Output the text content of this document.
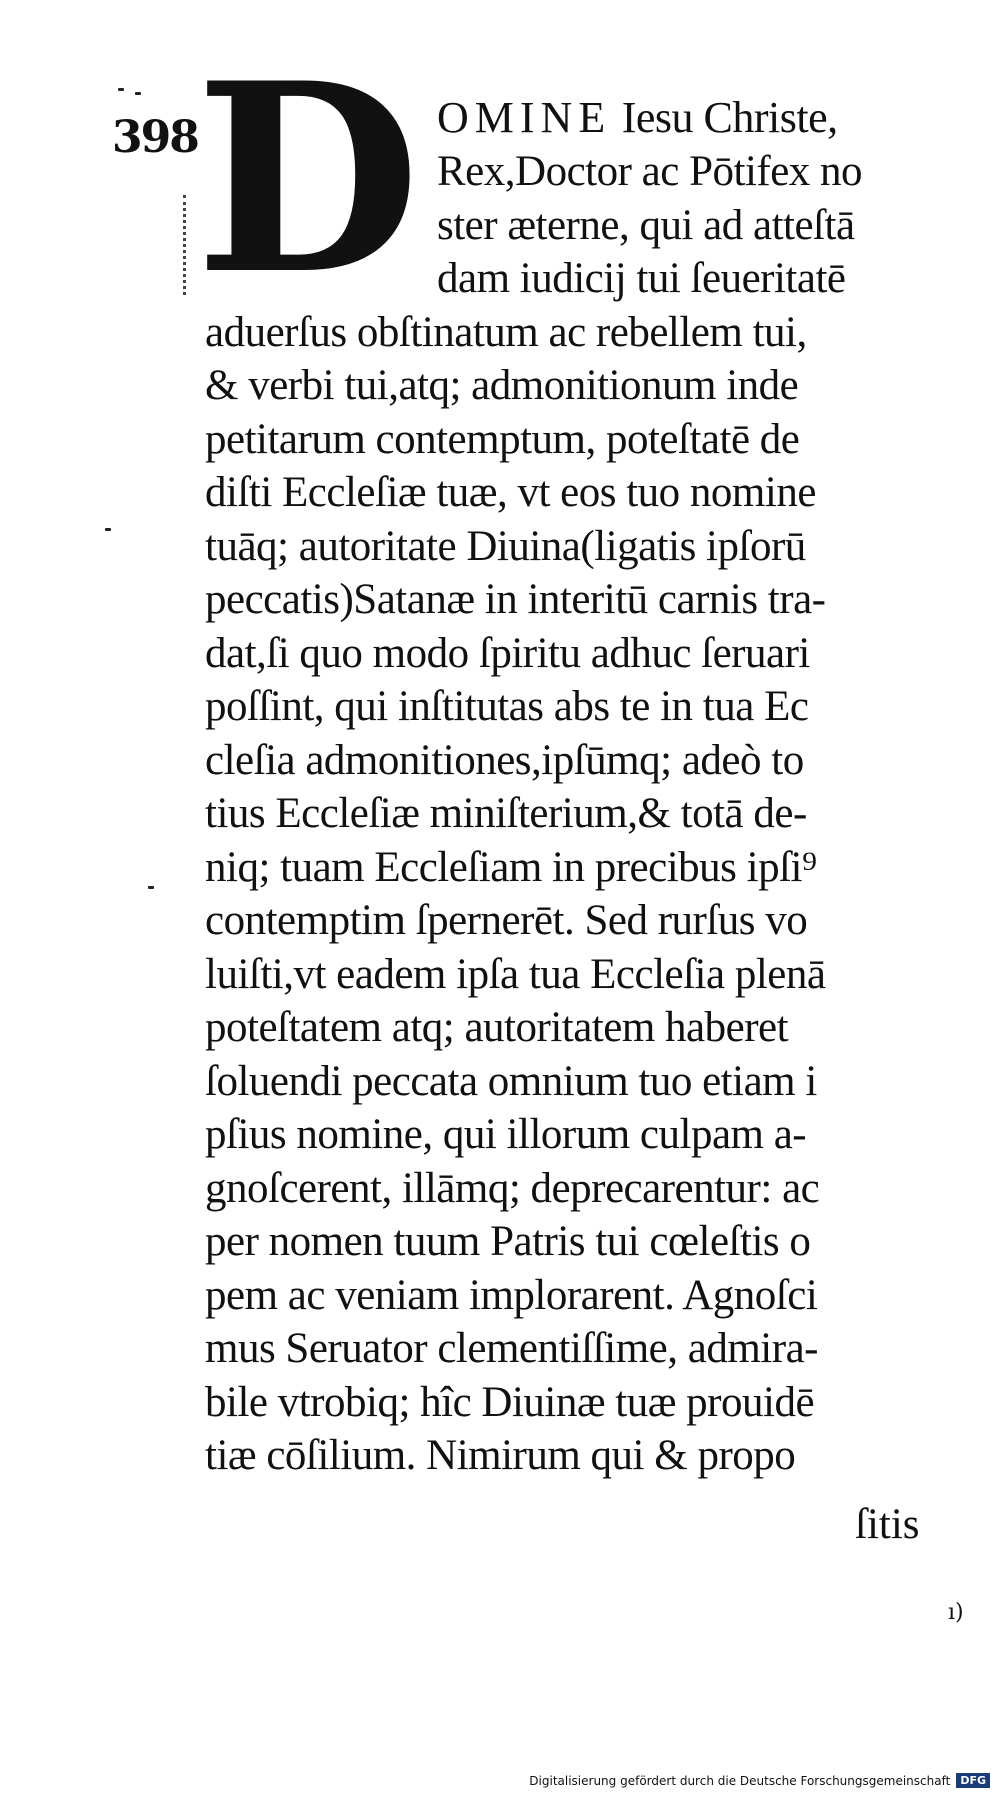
398
D OMINE Iesu Christe,
Rex,Doctor ac Pōtifex no
ster æterne, qui ad atteſtā
dam iudicij tui ſeueritatē
aduerſus obſtinatum ac rebellem tui,
& verbi tui,atq; admonitionum inde
petitarum contemptum, poteſtatē de
diſti Eccleſiæ tuæ, vt eos tuo nomine
tuāq; autoritate Diuina(ligatis ipſorū
peccatis)Satanæ in interitū carnis tra-
dat,ſi quo modo ſpiritu adhuc ſeruari
poſſint, qui inſtitutas abs te in tua Ec
cleſia admonitiones,ipſūmq; adeò to
tius Eccleſiæ miniſterium,& totā de-
niq; tuam Eccleſiam in precibus ipſi⁹
contemptim ſpernerēt. Sed rurſus vo
luiſti,vt eadem ipſa tua Eccleſia plenā
poteſtatem atq; autoritatem haberet
ſoluendi peccata omnium tuo etiam i
pſius nomine, qui illorum culpam a-
gnoſcerent, illāmq; deprecarentur: ac
per nomen tuum Patris tui cœleſtis o
pem ac veniam implorarent. Agnoſci
mus Seruator clementiſſime, admira-
bile vtrobiq; hîc Diuinæ tuæ prouidē
tiæ cōſilium. Nimirum qui & propo
ſitis
ı)
Digitalisierung gefördert durch die Deutsche Forschungsgemeinschaft DFG
